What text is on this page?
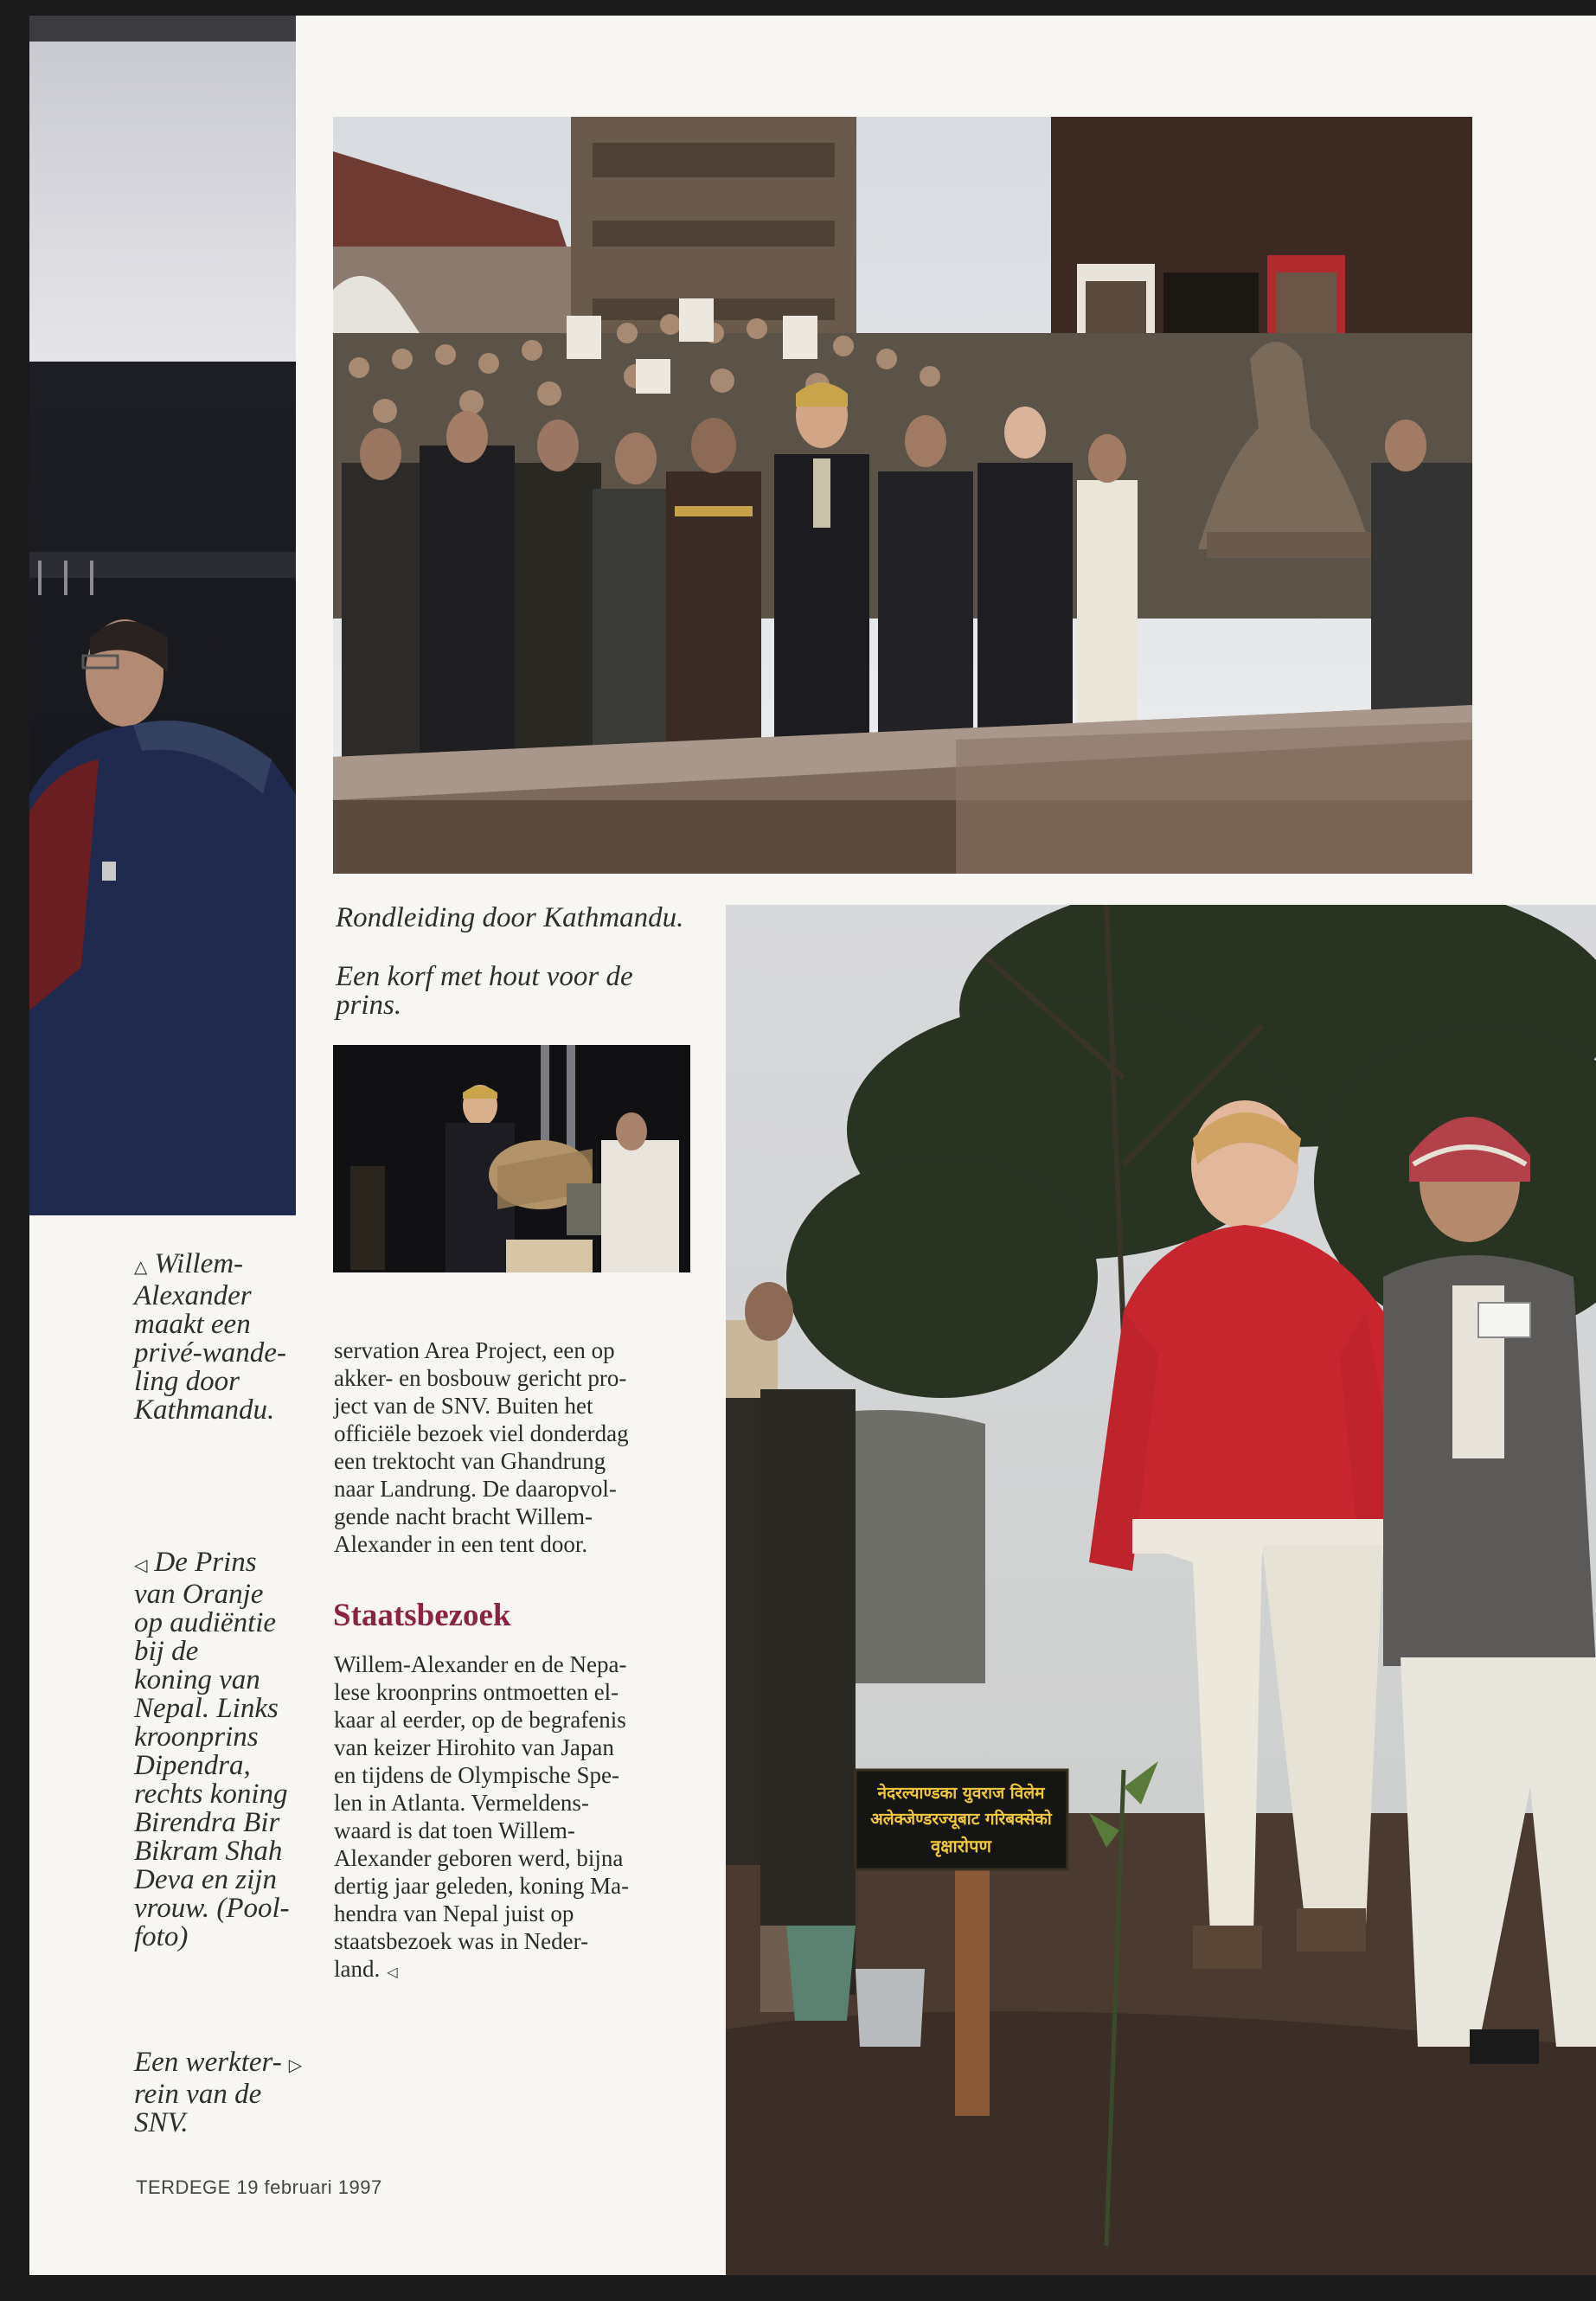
Rondleiding door Kathmandu.

Een korf met hout voor de

prins.

नेदरल्याण्डका युवराज विलेम
अलेक्जेण्डरज्यूबाट गरिबक्सेको
वृक्षारोपण

△ Willem-

Alexander

maakt een

privé-wande-

ling door

Kathmandu.

◁ De Prins

van Oranje

op audiëntie

bij de

koning van

Nepal. Links

kroonprins

Dipendra,

rechts koning

Birendra Bir

Bikram Shah

Deva en zijn

vrouw. (Pool-

foto)

Een werkter- ▷

rein van de

SNV.

servation Area Project, een op

akker- en bosbouw gericht pro-

ject van de SNV. Buiten het

officiële bezoek viel donderdag

een trektocht van Ghandrung

naar Landrung. De daaropvol-

gende nacht bracht Willem-

Alexander in een tent door.

Staatsbezoek

Willem-Alexander en de Nepa-

lese kroonprins ontmoetten el-

kaar al eerder, op de begrafenis

van keizer Hirohito van Japan

en tijdens de Olympische Spe-

len in Atlanta. Vermeldens-

waard is dat toen Willem-

Alexander geboren werd, bijna

dertig jaar geleden, koning Ma-

hendra van Nepal juist op

staatsbezoek was in Neder-

land. ◁

TERDEGE 19 februari 1997
